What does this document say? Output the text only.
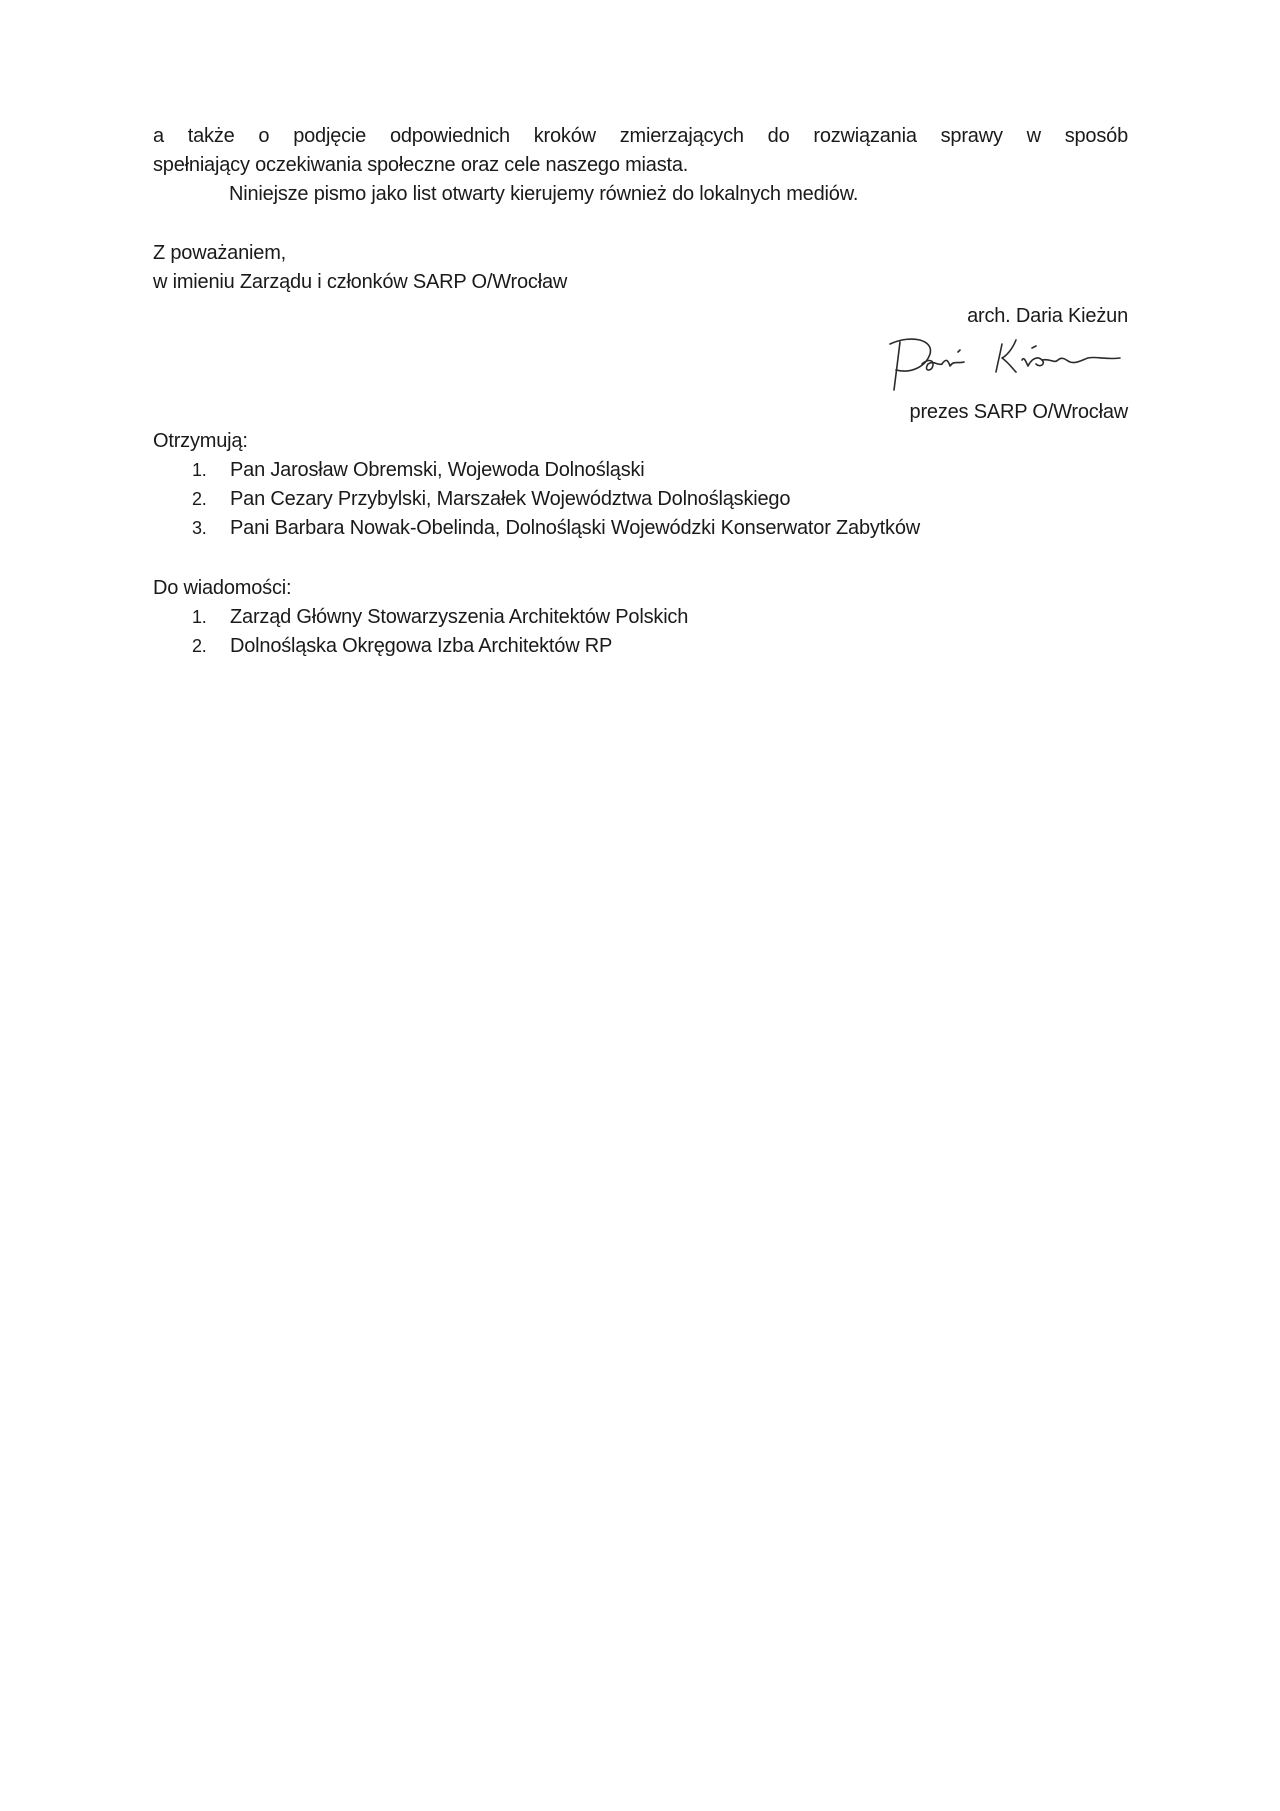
a także o podjęcie odpowiednich kroków zmierzających do rozwiązania sprawy w sposób
spełniający oczekiwania społeczne oraz cele naszego miasta.
Niniejsze pismo jako list otwarty kierujemy również do lokalnych mediów.
Z poważaniem,
w imieniu Zarządu i członków SARP O/Wrocław
arch. Daria Kieżun
prezes SARP O/Wrocław
Otrzymują:
1.	Pan Jarosław Obremski, Wojewoda Dolnośląski
2.	Pan Cezary Przybylski, Marszałek Województwa Dolnośląskiego
3.	Pani Barbara Nowak-Obelinda, Dolnośląski Wojewódzki Konserwator Zabytków
Do wiadomości:
1.	Zarząd Główny Stowarzyszenia Architektów Polskich
2.	Dolnośląska Okręgowa Izba Architektów RP
